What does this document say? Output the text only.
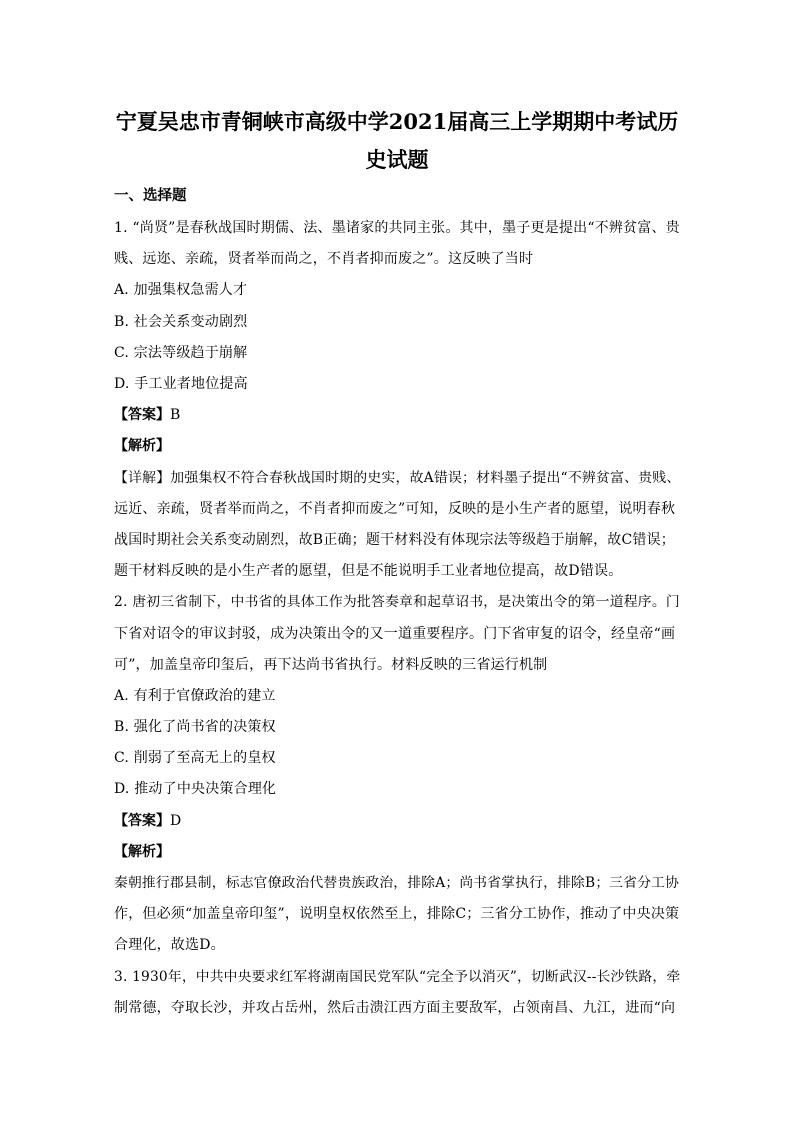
宁夏吴忠市青铜峡市高级中学2021届高三上学期期中考试历
史试题
一、选择题
1. “尚贤”是春秋战国时期儒、法、墨诸家的共同主张。其中，墨子更是提出“不辨贫富、贵
贱、远迩、亲疏，贤者举而尚之，不肖者抑而废之”。这反映了当时
A. 加强集权急需人才
B. 社会关系变动剧烈
C. 宗法等级趋于崩解
D. 手工业者地位提高
【答案】B
【解析】
【详解】加强集权不符合春秋战国时期的史实，故A错误；材料墨子提出“不辨贫富、贵贱、
远近、亲疏，贤者举而尚之，不肖者抑而废之”可知，反映的是小生产者的愿望，说明春秋
战国时期社会关系变动剧烈，故B正确；题干材料没有体现宗法等级趋于崩解，故C错误；
题干材料反映的是小生产者的愿望，但是不能说明手工业者地位提高，故D错误。
2. 唐初三省制下，中书省的具体工作为批答奏章和起草诏书，是决策出令的第一道程序。门
下省对诏令的审议封驳，成为决策出令的又一道重要程序。门下省审复的诏令，经皇帝“画
可”，加盖皇帝印玺后，再下达尚书省执行。材料反映的三省运行机制
A. 有利于官僚政治的建立
B. 强化了尚书省的决策权
C. 削弱了至高无上的皇权
D. 推动了中央决策合理化
【答案】D
【解析】
秦朝推行郡县制，标志官僚政治代替贵族政治，排除A；尚书省掌执行，排除B；三省分工协
作，但必须“加盖皇帝印玺”，说明皇权依然至上，排除C；三省分工协作，推动了中央决策
合理化，故选D。
3. 1930年，中共中央要求红军将湖南国民党军队“完全予以消灭”，切断武汉--长沙铁路，牵
制常德，夺取长沙，并攻占岳州，然后击溃江西方面主要敌军，占领南昌、九江，进而“向
